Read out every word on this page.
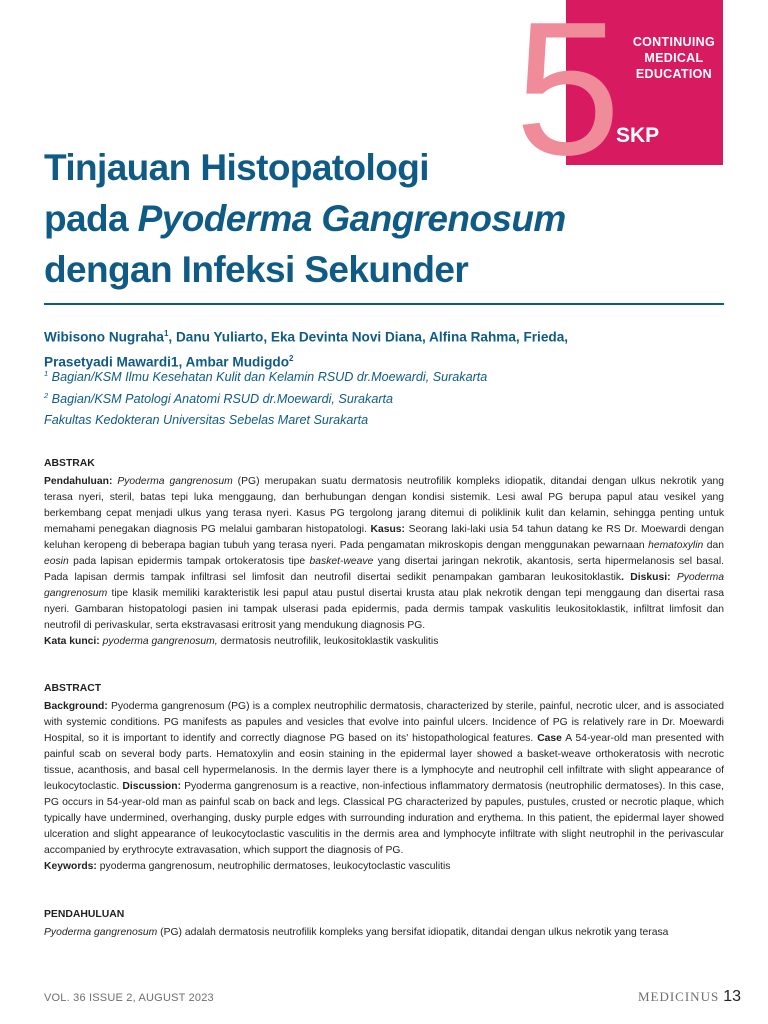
CONTINUING
MEDICAL
EDUCATION
SKP
5
Tinjauan Histopatologi
pada Pyoderma Gangrenosum
dengan Infeksi Sekunder
Wibisono Nugraha$^1$, Danu Yuliarto, Eka Devinta Novi Diana, Alfina Rahma, Frieda,
Prasetyadi Mawardi1, Ambar Mudigdo$^2$
$^1$ Bagian/KSM Ilmu Kesehatan Kulit dan Kelamin RSUD dr.Moewardi, Surakarta
$^2$ Bagian/KSM Patologi Anatomi RSUD dr.Moewardi, Surakarta
Fakultas Kedokteran Universitas Sebelas Maret Surakarta
ABSTRAK

Pendahuluan: Pyoderma gangrenosum (PG) merupakan suatu dermatosis neutrofilik kompleks idiopatik, ditandai dengan ulkus nekrotik yang terasa nyeri, steril, batas tepi luka menggaung, dan berhubungan dengan kondisi sistemik. Lesi awal PG berupa papul atau vesikel yang berkembang cepat menjadi ulkus yang terasa nyeri. Kasus PG tergolong jarang ditemui di poliklinik kulit dan kelamin, sehingga penting untuk memahami penegakan diagnosis PG melalui gambaran histopatologi. Kasus: Seorang laki-laki usia 54 tahun datang ke RS Dr. Moewardi dengan keluhan keropeng di beberapa bagian tubuh yang terasa nyeri. Pada pengamatan mikroskopis dengan menggunakan pewarnaan hematoxylin dan eosin pada lapisan epidermis tampak ortokeratosis tipe basket-weave yang disertai jaringan nekrotik, akantosis, serta hipermelanosis sel basal. Pada lapisan dermis tampak infiltrasi sel limfosit dan neutrofil disertai sedikit penampakan gambaran leukositoklastik. Diskusi: Pyoderma gangrenosum tipe klasik memiliki karakteristik lesi papul atau pustul disertai krusta atau plak nekrotik dengan tepi menggaung dan disertai rasa nyeri. Gambaran histopatologi pasien ini tampak ulserasi pada epidermis, pada dermis tampak vaskulitis leukositoklastik, infiltrat limfosit dan neutrofil di perivaskular, serta ekstravasasi eritrosit yang mendukung diagnosis PG.

Kata kunci: pyoderma gangrenosum, dermatosis neutrofilik, leukositoklastik vaskulitis

ABSTRACT

Background: Pyoderma gangrenosum (PG) is a complex neutrophilic dermatosis, characterized by sterile, painful, necrotic ulcer, and is associated with systemic conditions. PG manifests as papules and vesicles that evolve into painful ulcers. Incidence of PG is relatively rare in Dr. Moewardi Hospital, so it is important to identify and correctly diagnose PG based on its' histopathological features. Case A 54-year-old man presented with painful scab on several body parts. Hematoxylin and eosin staining in the epidermal layer showed a basket-weave orthokeratosis with necrotic tissue, acanthosis, and basal cell hypermelanosis. In the dermis layer there is a lymphocyte and neutrophil cell infiltrate with slight appearance of leukocytoclastic. Discussion: Pyoderma gangrenosum is a reactive, non-infectious inflammatory dermatosis (neutrophilic dermatoses). In this case, PG occurs in 54-year-old man as painful scab on back and legs. Classical PG characterized by papules, pustules, crusted or necrotic plaque, which typically have undermined, overhanging, dusky purple edges with surrounding induration and erythema. In this patient, the epidermal layer showed ulceration and slight appearance of leukocytoclastic vasculitis in the dermis area and lymphocyte infiltrate with slight neutrophil in the perivascular accompanied by erythrocyte extravasation, which support the diagnosis of PG.

Keywords: pyoderma gangrenosum, neutrophilic dermatoses, leukocytoclastic vasculitis

PENDAHULUAN

Pyoderma gangrenosum (PG) adalah dermatosis neutrofilik kompleks yang bersifat idiopatik, ditandai dengan ulkus nekrotik yang terasa

VOL. 36 ISSUE 2, AUGUST 2023	MEDICINUS 13
